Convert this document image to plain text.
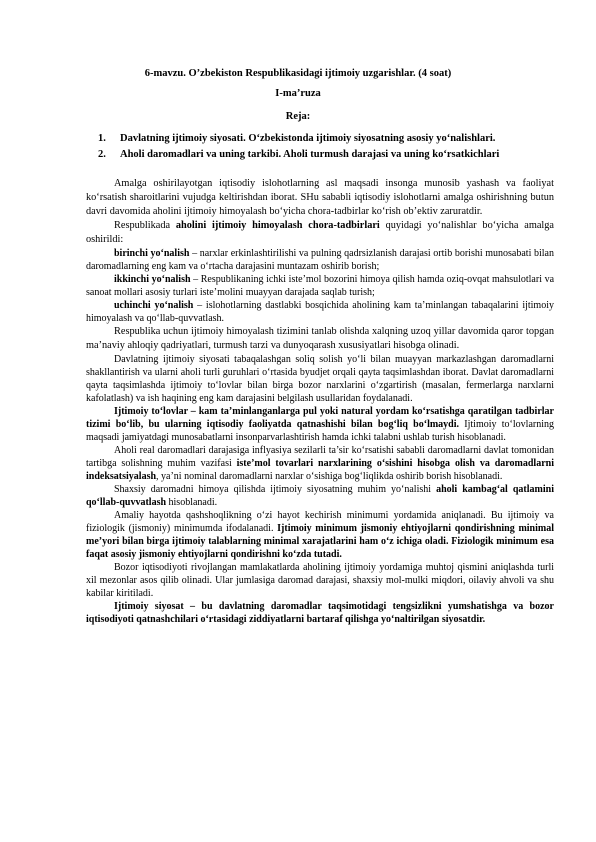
6-mavzu. O’zbekiston Respublikasidagi ijtimoiy uzgarishlar. (4 soat)
I-ma’ruza
Reja:
1. Davlatning ijtimoiy siyosati. O‘zbekistonda ijtimoiy siyosatning asosiy yo‘nalishlari.
2. Aholi daromadlari va uning tarkibi. Aholi turmush darajasi va uning ko‘rsatkichlari

Amalga oshirilayotgan iqtisodiy islohotlarning asl maqsadi insonga munosib yashash va faoliyat ko‘rsatish sharoitlarini vujudga keltirishdan iborat. SHu sababli iqtisodiy islohotlarni amalga oshirishning butun davri davomida aholini ijtimoiy himoyalash bo‘yicha chora-tadbirlar ko‘rish ob’ektiv zaruratdir.

Respublikada aholini ijtimoiy himoyalash chora-tadbirlari quyidagi yo‘nalishlar bo‘yicha amalga oshirildi:

birinchi yo‘nalish – narxlar erkinlashtirilishi va pulning qadrsizlanish darajasi ortib borishi munosabati bilan daromadlarning eng kam va o‘rtacha darajasini muntazam oshirib borish;

ikkinchi yo‘nalish – Respublikaning ichki iste’mol bozorini himoya qilish hamda oziq-ovqat mahsulotlari va sanoat mollari asosiy turlari iste’molini muayyan darajada saqlab turish;

uchinchi yo‘nalish – islohotlarning dastlabki bosqichida aholining kam ta’minlangan tabaqalarini ijtimoiy himoyalash va qo‘llab-quvvatlash.

Respublika uchun ijtimoiy himoyalash tizimini tanlab olishda xalqning uzoq yillar davomida qaror topgan ma’naviy ahloqiy qadriyatlari, turmush tarzi va dunyoqarash xususiyatlari hisobga olinadi.

Davlatning ijtimoiy siyosati tabaqalashgan soliq solish yo‘li bilan muayyan markazlashgan daromadlarni shakllantirish va ularni aholi turli guruhlari o‘rtasida byudjet orqali qayta taqsimlashdan iborat. Davlat daromadlarni qayta taqsimlashda ijtimoiy to‘lovlar bilan birga bozor narxlarini o‘zgartirish (masalan, fermerlarga narxlarni kafolatlash) va ish haqining eng kam darajasini belgilash usullaridan foydalanadi.

Ijtimoiy to‘lovlar – kam ta’minlanganlarga pul yoki natural yordam ko‘rsatishga qaratilgan tadbirlar tizimi bo‘lib, bu ularning iqtisodiy faoliyatda qatnashishi bilan bog‘liq bo‘lmaydi. Ijtimoiy to‘lovlarning maqsadi jamiyatdagi munosabatlarni insonparvarlashtirish hamda ichki talabni ushlab turish hisoblanadi.

Aholi real daromadlari darajasiga inflyasiya sezilarli ta’sir ko‘rsatishi sababli daromadlarni davlat tomonidan tartibga solishning muhim vazifasi iste’mol tovarlari narxlarining o‘sishini hisobga olish va daromadlarni indeksatsiyalash, ya’ni nominal daromadlarni narxlar o‘sishiga bog‘liqlikda oshirib borish hisoblanadi.

Shaxsiy daromadni himoya qilishda ijtimoiy siyosatning muhim yo‘nalishi aholi kambag‘al qatlamini qo‘llab-quvvatlash hisoblanadi.

Amaliy hayotda qashshoqlikning o‘zi hayot kechirish minimumi yordamida aniqlanadi. Bu ijtimoiy va fiziologik (jismoniy) minimumda ifodalanadi. Ijtimoiy minimum jismoniy ehtiyojlarni qondirishning minimal me’yori bilan birga ijtimoiy talablarning minimal xarajatlarini ham o‘z ichiga oladi. Fiziologik minimum esa faqat asosiy jismoniy ehtiyojlarni qondirishni ko‘zda tutadi.

Bozor iqtisodiyoti rivojlangan mamlakatlarda aholining ijtimoiy yordamiga muhtoj qismini aniqlashda turli xil mezonlar asos qilib olinadi. Ular jumlasiga daromad darajasi, shaxsiy mol-mulki miqdori, oilaviy ahvoli va shu kabilar kiritiladi.

Ijtimoiy siyosat – bu davlatning daromadlar taqsimotidagi tengsizlikni yumshatishga va bozor iqtisodiyoti qatnashchilari o‘rtasidagi ziddiyatlarni bartaraf qilishga yo‘naltirilgan siyosatdir.
